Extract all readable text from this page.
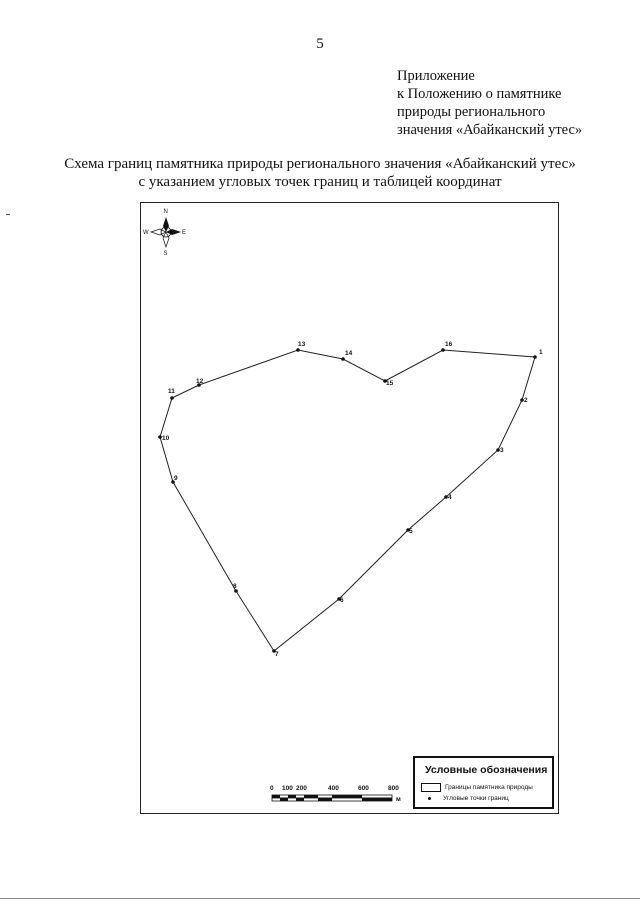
5
Приложение
к Положению о памятнике
природы регионального
значения «Абайканский утес»
Схема границ памятника природы регионального значения «Абайканский утес»
с указанием угловых точек границ и таблицей координат
N
S
W	E
1
2
3
4
5
6
7
8
9
10
11
12
13
14
15
16
0 100 200	400	600	800
м
Условные обозначения
Границы памятника природы
Угловые точки границ
